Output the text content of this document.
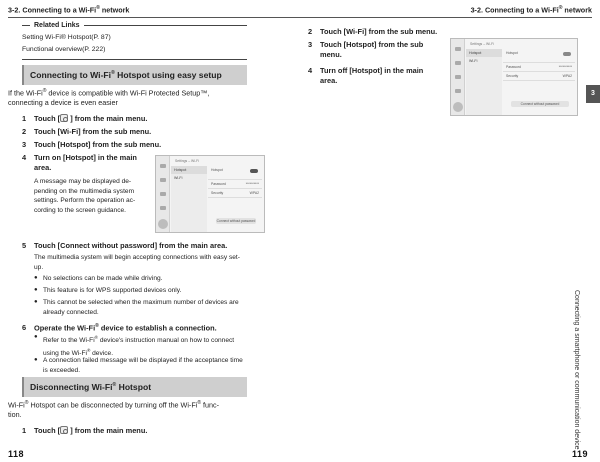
3-2. Connecting to a Wi-Fi® network
Related Links
Setting Wi-Fi® Hotspot(P. 87)
Functional overview(P. 222)
Connecting to Wi-Fi® Hotspot using easy setup
If the Wi-Fi® device is compatible with Wi-Fi Protected Setup™,
connecting a device is even easier
1 Touch [ ] from the main menu.
2 Touch [Wi-Fi] from the sub menu.
3 Touch [Hotspot] from the sub menu.
4 Turn on [Hotspot] in the main
area.
A message may be displayed de-
pending on the multimedia system
settings. Perform the operation ac-
cording to the screen guidance.
Settings – Wi-Fi
Hotspot
Wi-Fi
Hotspot
Password	**********
Security	WPA2
Connect without password
5 Touch [Connect without password] from the main area.
The multimedia system will begin accepting connections with easy set-
up.
● No selections can be made while driving.
● This feature is for WPS supported devices only.
● This cannot be selected when the maximum number of devices are
already connected.
6 Operate the Wi-Fi® device to establish a connection.
● Refer to the Wi-Fi® device's instruction manual on how to connect
using the Wi-Fi® device.
● A connection failed message will be displayed if the acceptance time
is exceeded.
Disconnecting Wi-Fi® Hotspot
Wi-Fi® Hotspot can be disconnected by turning off the Wi-Fi® func-
tion.
1 Touch [ ] from the main menu.
118
3-2. Connecting to a Wi-Fi® network
2 Touch [Wi-Fi] from the sub menu.
3 Touch [Hotspot] from the sub
menu.
4 Turn off [Hotspot] in the main
area.
Settings – Wi-Fi
Hotspot
Wi-Fi
Hotspot
Password	**********
Security	WPA2
Connect without password
3
Connecting a smartphone or communication device
119
